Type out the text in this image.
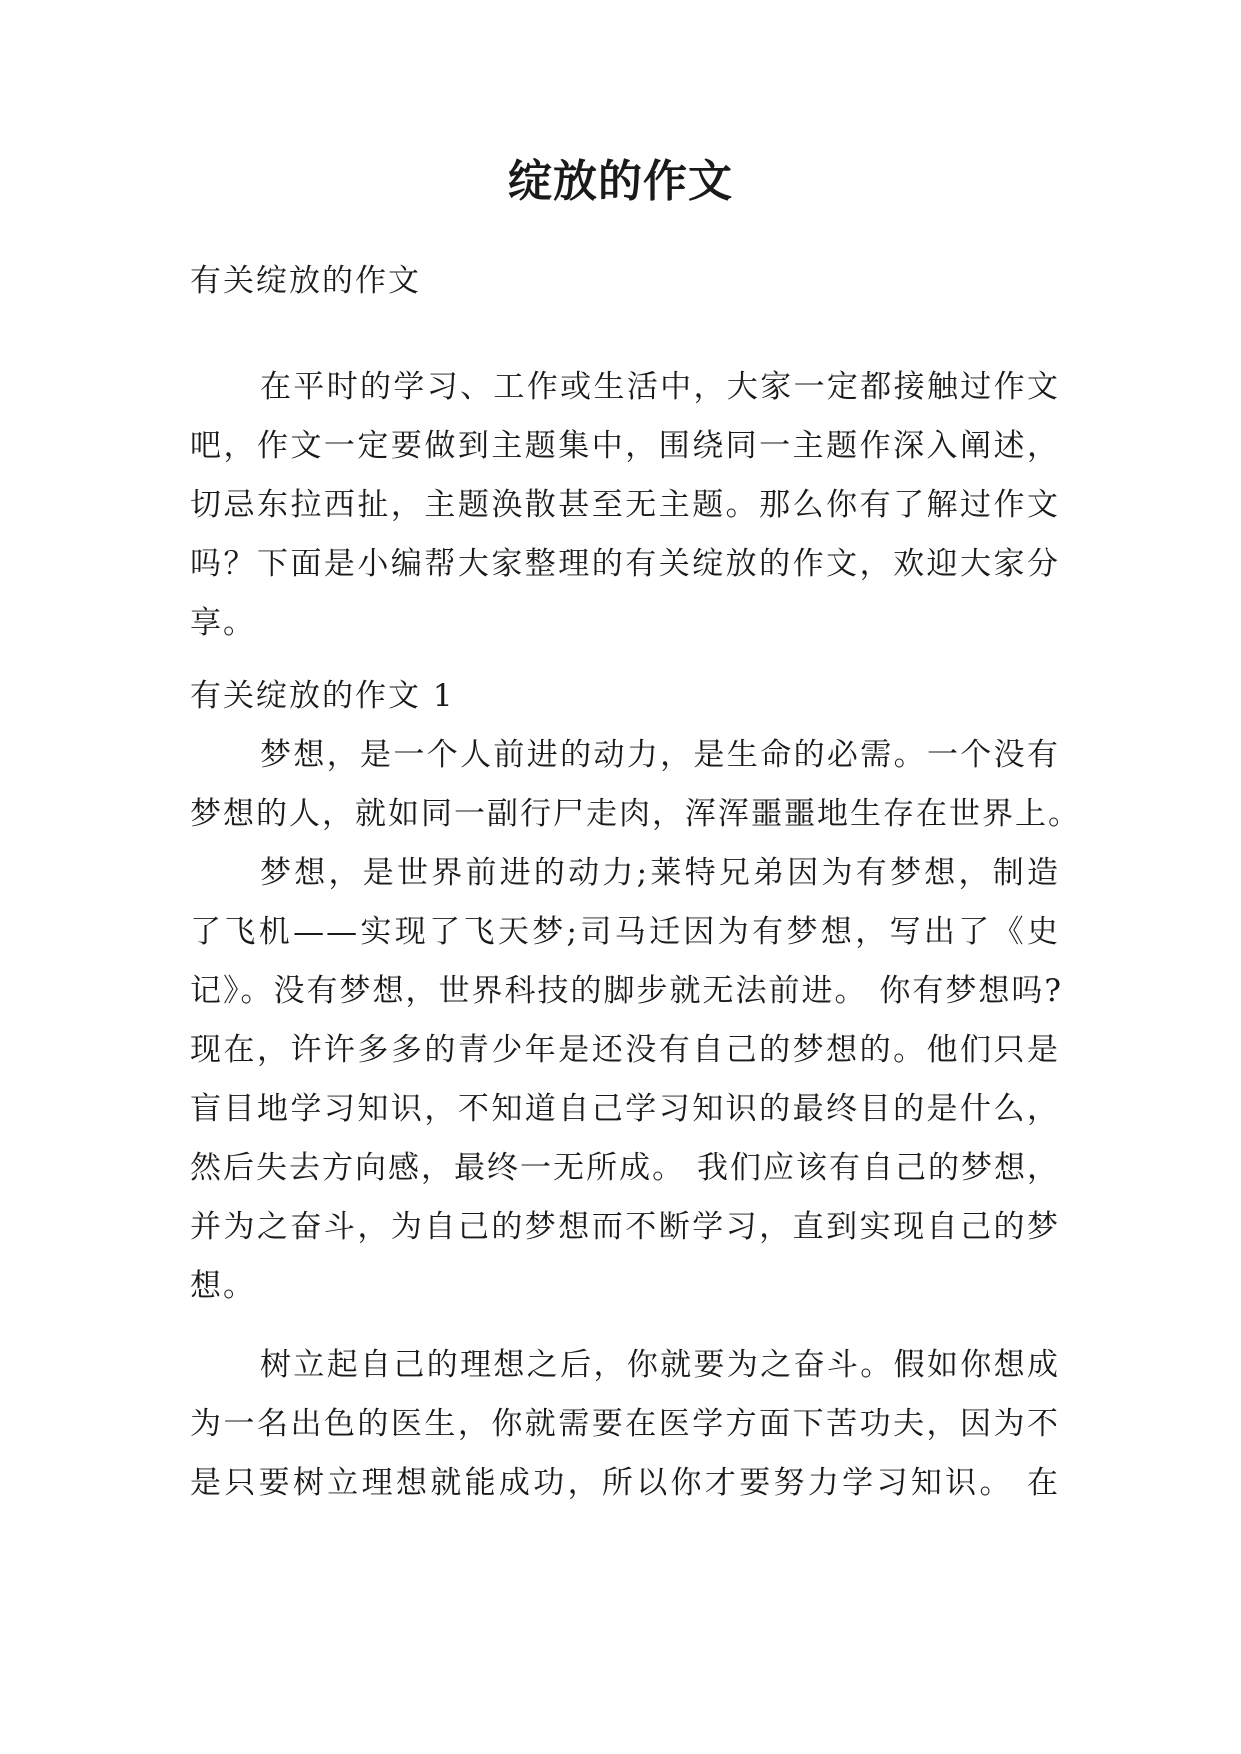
绽放的作文

有关绽放的作文

在平时的学习、工作或生活中，大家一定都接触过作文
吧，作文一定要做到主题集中，围绕同一主题作深入阐述，
切忌东拉西扯，主题涣散甚至无主题。那么你有了解过作文
吗？下面是小编帮大家整理的有关绽放的作文，欢迎大家分
享。

有关绽放的作文 1

梦想，是一个人前进的动力，是生命的必需。一个没有
梦想的人，就如同一副行尸走肉，浑浑噩噩地生存在世界上。
梦想，是世界前进的动力;莱特兄弟因为有梦想，制造
了飞机——实现了飞天梦;司马迁因为有梦想，写出了《史
记》。没有梦想，世界科技的脚步就无法前进。 你有梦想吗?
现在，许许多多的青少年是还没有自己的梦想的。他们只是
盲目地学习知识，不知道自己学习知识的最终目的是什么，
然后失去方向感，最终一无所成。 我们应该有自己的梦想，
并为之奋斗，为自己的梦想而不断学习，直到实现自己的梦
想。
树立起自己的理想之后，你就要为之奋斗。假如你想成
为一名出色的医生，你就需要在医学方面下苦功夫，因为不
是只要树立理想就能成功，所以你才要努力学习知识。 在
